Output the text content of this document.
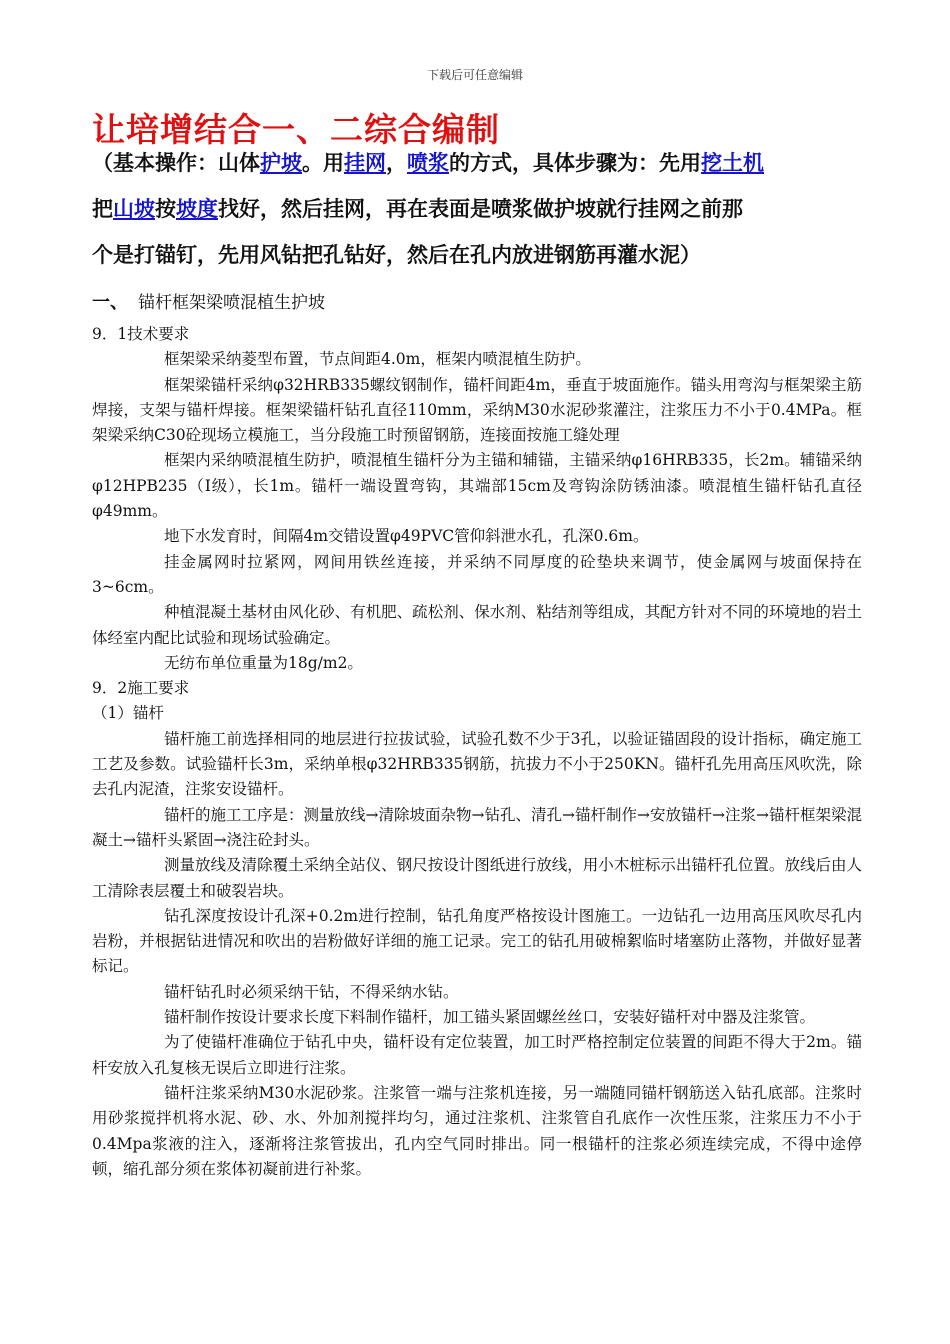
下载后可任意编辑
让培增结合一、二综合编制
（基本操作：山体护坡。用挂网，喷浆的方式，具体步骤为：先用挖土机
把山坡按坡度找好，然后挂网，再在表面是喷浆做护坡就行挂网之前那
个是打锚钉，先用风钻把孔钻好，然后在孔内放进钢筋再灌水泥）
一、 锚杆框架梁喷混植生护坡

9．1技术要求

框架梁采纳菱型布置，节点间距4.0m，框架内喷混植生防护。

框架梁锚杆采纳φ32HRB335螺纹钢制作，锚杆间距4m，垂直于坡面施作。锚头用弯沟与框架梁主筋焊接，支架与锚杆焊接。框架梁锚杆钻孔直径110mm，采纳M30水泥砂浆灌注，注浆压力不小于0.4MPa。框架梁采纳C30砼现场立模施工，当分段施工时预留钢筋，连接面按施工缝处理

框架内采纳喷混植生防护，喷混植生锚杆分为主锚和辅锚，主锚采纳φ16HRB335，长2m。辅锚采纳φ12HPB235（Ⅰ级），长1m。锚杆一端设置弯钩，其端部15cm及弯钩涂防锈油漆。喷混植生锚杆钻孔直径φ49mm。

地下水发育时，间隔4m交错设置φ49PVC管仰斜泄水孔，孔深0.6m。

挂金属网时拉紧网，网间用铁丝连接，并采纳不同厚度的砼垫块来调节，使金属网与坡面保持在3~6cm。

种植混凝土基材由风化砂、有机肥、疏松剂、保水剂、粘结剂等组成，其配方针对不同的环境地的岩土体经室内配比试验和现场试验确定。

无纺布单位重量为18g/m2。

9．2施工要求

（1）锚杆

锚杆施工前选择相同的地层进行拉拔试验，试验孔数不少于3孔，以验证锚固段的设计指标，确定施工工艺及参数。试验锚杆长3m，采纳单根φ32HRB335钢筋，抗拔力不小于250KN。锚杆孔先用高压风吹洗，除去孔内泥渣，注浆安设锚杆。

锚杆的施工工序是：测量放线→清除坡面杂物→钻孔、清孔→锚杆制作→安放锚杆→注浆→锚杆框架梁混凝土→锚杆头紧固→浇注砼封头。

测量放线及清除覆土采纳全站仪、钢尺按设计图纸进行放线，用小木桩标示出锚杆孔位置。放线后由人工清除表层覆土和破裂岩块。

钻孔深度按设计孔深+0.2m进行控制，钻孔角度严格按设计图施工。一边钻孔一边用高压风吹尽孔内岩粉，并根据钻进情况和吹出的岩粉做好详细的施工记录。完工的钻孔用破棉絮临时堵塞防止落物，并做好显著标记。

锚杆钻孔时必须采纳干钻，不得采纳水钻。

锚杆制作按设计要求长度下料制作锚杆，加工锚头紧固螺丝丝口，安装好锚杆对中器及注浆管。

为了使锚杆准确位于钻孔中央，锚杆设有定位装置，加工时严格控制定位装置的间距不得大于2m。锚杆安放入孔复核无误后立即进行注浆。

锚杆注浆采纳M30水泥砂浆。注浆管一端与注浆机连接，另一端随同锚杆钢筋送入钻孔底部。注浆时用砂浆搅拌机将水泥、砂、水、外加剂搅拌均匀，通过注浆机、注浆管自孔底作一次性压浆，注浆压力不小于0.4Mpa浆液的注入，逐渐将注浆管拔出，孔内空气同时排出。同一根锚杆的注浆必须连续完成，不得中途停顿，缩孔部分须在浆体初凝前进行补浆。
